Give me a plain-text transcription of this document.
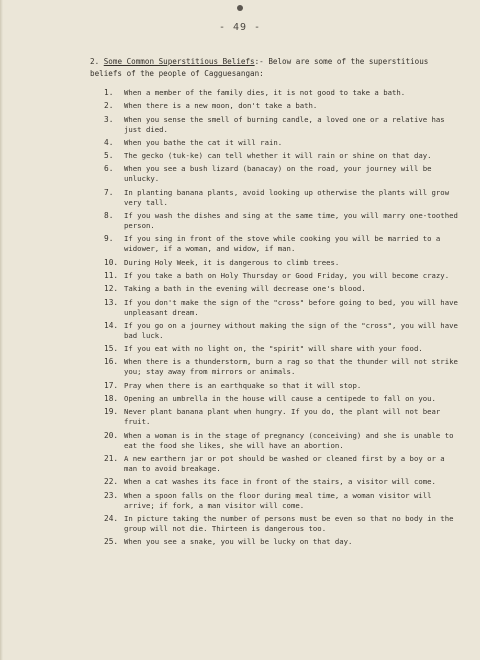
- 49 -
2. Some Common Superstitious Beliefs:- Below are some of the superstitious beliefs of the people of Cagguesangan:
1.	When a member of the family dies, it is not good to take a bath.
2.	When there is a new moon, don't take a bath.
3.	When you sense the smell of burning candle, a loved one or a relative has just died.
4.	When you bathe the cat it will rain.
5.	The gecko (tuk-ke) can tell whether it will rain or shine on that day.
6.	When you see a bush lizard (banacay) on the road, your journey will be unlucky.
7.	In planting banana plants, avoid looking up otherwise the plants will grow very tall.
8.	If you wash the dishes and sing at the same time, you will marry one-toothed person.
9.	If you sing in front of the stove while cooking you will be married to a widower, if a woman, and widow, if man.
10. During Holy Week, it is dangerous to climb trees.
11. If you take a bath on Holy Thursday or Good Friday, you will become crazy.
12. Taking a bath in the evening will decrease one's blood.
13. If you don't make the sign of the "cross" before going to bed, you will have unpleasant dream.
14. If you go on a journey without making the sign of the "cross", you will have bad luck.
15. If you eat with no light on, the "spirit" will share with your food.
16. When there is a thunderstorm, burn a rag so that the thunder will not strike you; stay away from mirrors or animals.
17. Pray when there is an earthquake so that it will stop.
18. Opening an umbrella in the house will cause a centipede to fall on you.
19. Never plant banana plant when hungry. If you do, the plant will not bear fruit.
20. When a woman is in the stage of pregnancy (conceiving) and she is unable to eat the food she likes, she will have an abortion.
21. A new earthern jar or pot should be washed or cleaned first by a boy or a man to avoid breakage.
22. When a cat washes its face in front of the stairs, a visitor will come.
23. When a spoon falls on the floor during meal time, a woman visitor will arrive; if fork, a man visitor will come.
24. In picture taking the number of persons must be even so that no body in the group will not die. Thirteen is dangerous too.
25. When you see a snake, you will be lucky on that day.
